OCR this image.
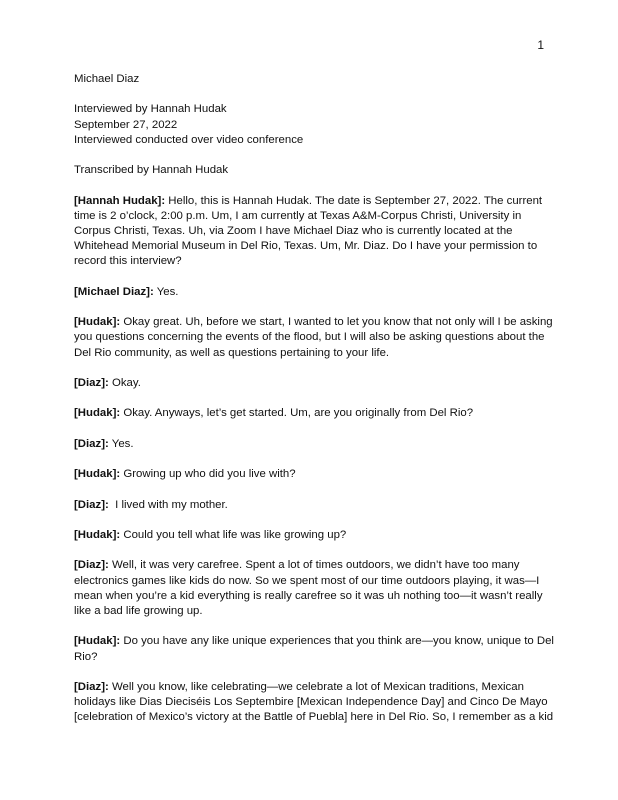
1

Michael Diaz

Interviewed by Hannah Hudak

September 27, 2022

Interviewed conducted over video conference

Transcribed by Hannah Hudak

[Hannah Hudak]: Hello, this is Hannah Hudak. The date is September 27, 2022. The current

time is 2 o’clock, 2:00 p.m. Um, I am currently at Texas A&M-Corpus Christi, University in

Corpus Christi, Texas. Uh, via Zoom I have Michael Diaz who is currently located at the

Whitehead Memorial Museum in Del Rio, Texas. Um, Mr. Diaz. Do I have your permission to

record this interview?

[Michael Diaz]: Yes.

[Hudak]: Okay great. Uh, before we start, I wanted to let you know that not only will I be asking

you questions concerning the events of the flood, but I will also be asking questions about the

Del Rio community, as well as questions pertaining to your life.

[Diaz]: Okay.

[Hudak]: Okay. Anyways, let’s get started. Um, are you originally from Del Rio?

[Diaz]: Yes.

[Hudak]: Growing up who did you live with?

[Diaz]:  I lived with my mother.

[Hudak]: Could you tell what life was like growing up?

[Diaz]: Well, it was very carefree. Spent a lot of times outdoors, we didn’t have too many

electronics games like kids do now. So we spent most of our time outdoors playing, it was—I

mean when you’re a kid everything is really carefree so it was uh nothing too—it wasn’t really

like a bad life growing up.

[Hudak]: Do you have any like unique experiences that you think are—you know, unique to Del

Rio?

[Diaz]: Well you know, like celebrating—we celebrate a lot of Mexican traditions, Mexican

holidays like Dias Dieciséis Los Septembire [Mexican Independence Day] and Cinco De Mayo

[celebration of Mexico’s victory at the Battle of Puebla] here in Del Rio. So, I remember as a kid
